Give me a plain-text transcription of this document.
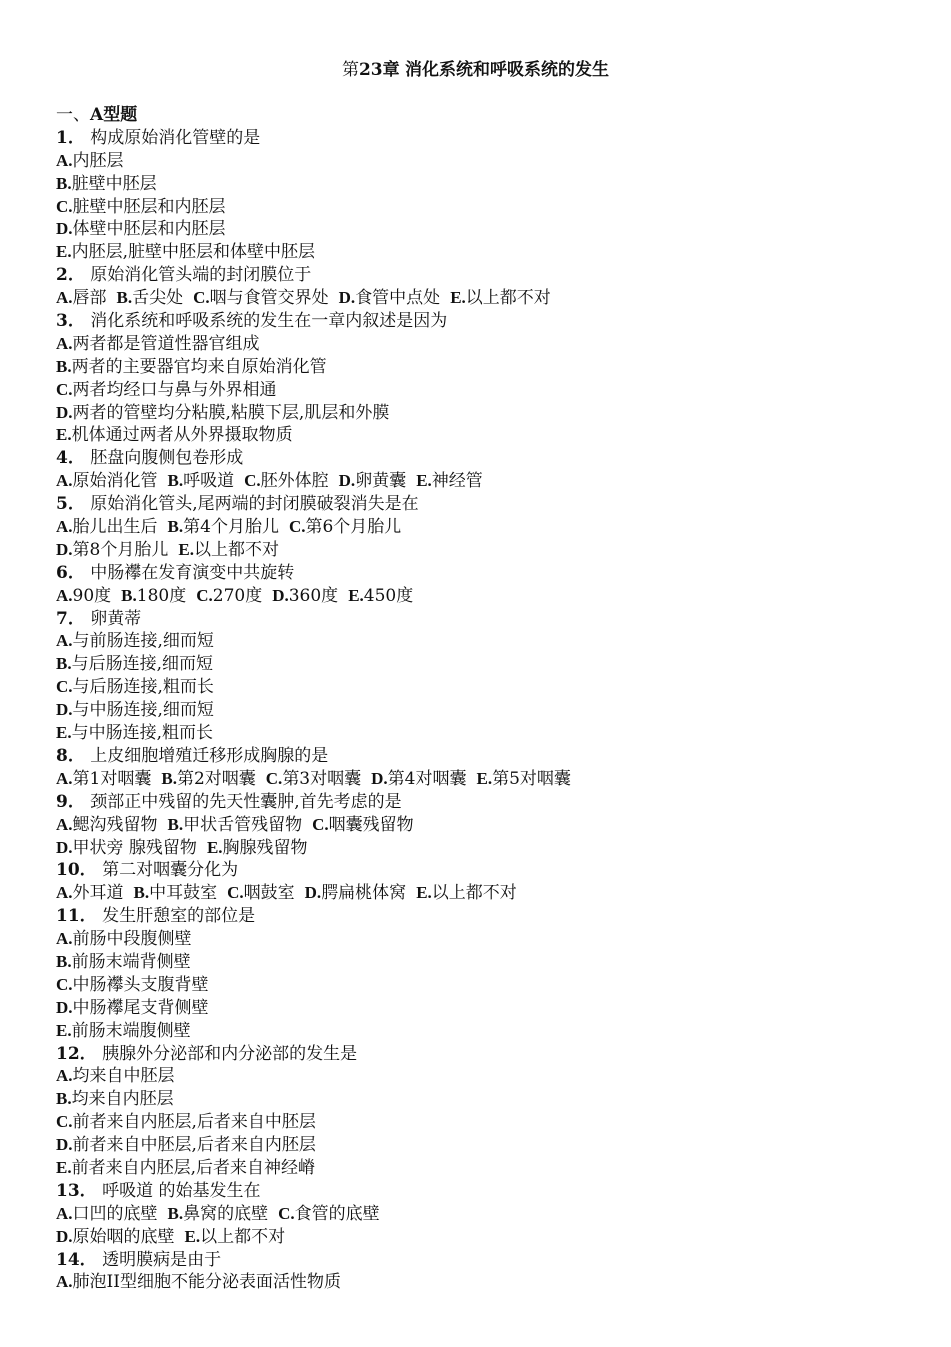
第23章 消化系统和呼吸系统的发生
一、A型题
1． 构成原始消化管壁的是
A.内胚层
B.脏壁中胚层
C.脏壁中胚层和内胚层
D.体壁中胚层和内胚层
E.内胚层,脏壁中胚层和体壁中胚层
2． 原始消化管头端的封闭膜位于
A.唇部 B.舌尖处 C.咽与食管交界处 D.食管中点处 E.以上都不对
3． 消化系统和呼吸系统的发生在一章内叙述是因为
A.两者都是管道性器官组成
B.两者的主要器官均来自原始消化管
C.两者均经口与鼻与外界相通
D.两者的管壁均分粘膜,粘膜下层,肌层和外膜
E.机体通过两者从外界摄取物质
4． 胚盘向腹侧包卷形成
A.原始消化管 B.呼吸道 C.胚外体腔 D.卵黄囊 E.神经管
5． 原始消化管头,尾两端的封闭膜破裂消失是在
A.胎儿出生后 B.第4个月胎儿 C.第6个月胎儿
D.第8个月胎儿 E.以上都不对
6． 中肠襻在发育演变中共旋转
A.90度 B.180度 C.270度 D.360度 E.450度
7． 卵黄蒂
A.与前肠连接,细而短
B.与后肠连接,细而短
C.与后肠连接,粗而长
D.与中肠连接,细而短
E.与中肠连接,粗而长
8． 上皮细胞增殖迁移形成胸腺的是
A.第1对咽囊 B.第2对咽囊 C.第3对咽囊 D.第4对咽囊 E.第5对咽囊
9． 颈部正中残留的先天性囊肿,首先考虑的是
A.鳃沟残留物 B.甲状舌管残留物 C.咽囊残留物
D.甲状旁 腺残留物 E.胸腺残留物
10． 第二对咽囊分化为
A.外耳道 B.中耳鼓室 C.咽鼓室 D.腭扁桃体窝 E.以上都不对
11． 发生肝憩室的部位是
A.前肠中段腹侧壁
B.前肠末端背侧壁
C.中肠襻头支腹背壁
D.中肠襻尾支背侧壁
E.前肠末端腹侧壁
12． 胰腺外分泌部和内分泌部的发生是
A.均来自中胚层
B.均来自内胚层
C.前者来自内胚层,后者来自中胚层
D.前者来自中胚层,后者来自内胚层
E.前者来自内胚层,后者来自神经嵴
13． 呼吸道 的始基发生在
A.口凹的底壁 B.鼻窝的底壁 C.食管的底壁
D.原始咽的底壁 E.以上都不对
14． 透明膜病是由于
A.肺泡II型细胞不能分泌表面活性物质
